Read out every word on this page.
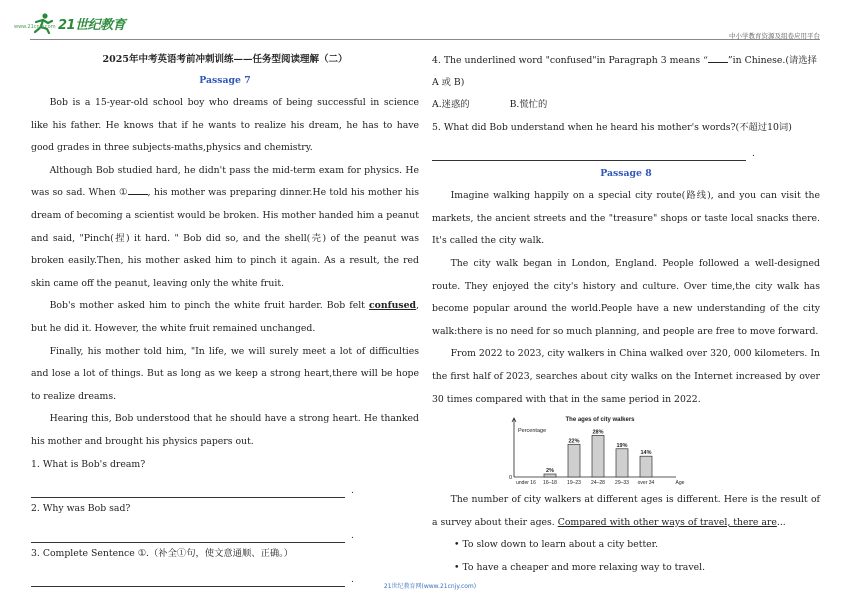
21世纪教育
www.21cnjy.com
中小学教育资源及组卷应用平台
2025年中考英语考前冲刺训练——任务型阅读理解（二）
Passage 7

Bob is a 15-year-old school boy who dreams of being successful in science like his father. He knows that if he wants to realize his dream, he has to have good grades in three subjects-maths,physics and chemistry.

Although Bob studied hard, he didn't pass the mid-term exam for physics. He was so sad. When ① , his mother was preparing dinner.He told his mother his dream of becoming a scientist would be broken. His mother handed him a peanut and said, "Pinch(捏) it hard. " Bob did so, and the shell(壳) of the peanut was broken easily.Then, his mother asked him to pinch it again. As a result, the red skin came off the peanut, leaving only the white fruit.

Bob's mother asked him to pinch the white fruit harder. Bob felt confused, but he did it. However, the white fruit remained unchanged.

Finally, his mother told him, "In life, we will surely meet a lot of difficulties and lose a lot of things. But as long as we keep a strong heart,there will be hope to realize dreams.

Hearing this, Bob understood that he should have a strong heart. He thanked his mother and brought his physics papers out.

1. What is Bob's dream?

.

2. Why was Bob sad?

.

3. Complete Sentence ①.（补全①句，使文意通顺、正确。）

.

4. The underlined word "confused"in Paragraph 3 means “ ”in Chinese.(请选择 A 或 B)

A.迷惑的	B.慌忙的

5. What did Bob understand when he heard his mother's words?(不超过10词)

.
Passage 8

Imagine walking happily on a special city route(路线), and you can visit the markets, the ancient streets and the "treasure" shops or taste local snacks there. It's called the city walk.

The city walk began in London, England. People followed a well-designed route. They enjoyed the city's history and culture. Over time,the city walk has become popular around the world.People have a new understanding of the city walk:there is no need for so much planning, and people are free to move forward.

From 2022 to 2023, city walkers in China walked over 320, 000 kilometers. In the first half of 2023, searches about city walks on the Internet increased by over 30 times compared with that in the same period in 2022.

The ages of city walkers
Percentage
0
under 16
2%
16–18
22%
19–23
28%
24–28
19%
29–33
14%
over 34	Age

The number of city walkers at different ages is different. Here is the result of a survey about their ages. Compared with other ways of travel, there are...

• To slow down to learn about a city better.

• To have a cheaper and more relaxing way to travel.

21世纪教育网(www.21cnjy.com)
